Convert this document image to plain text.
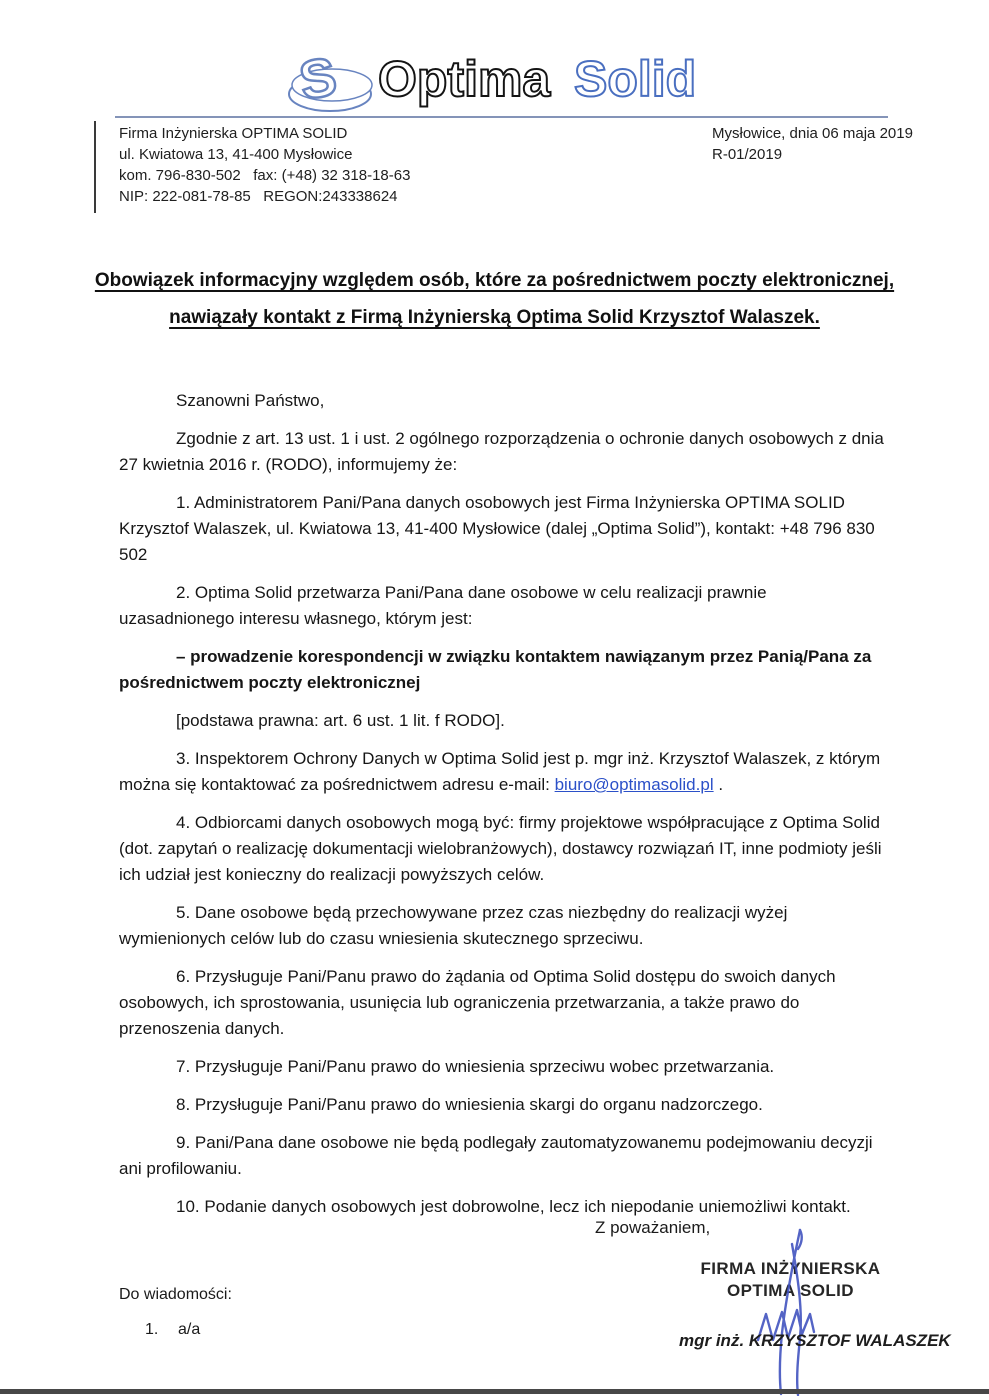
S Optima Solid
Firma Inżynierska OPTIMA SOLID
ul. Kwiatowa 13, 41-400 Mysłowice
kom. 796-830-502   fax: (+48) 32 318-18-63
NIP: 222-081-78-85   REGON:243338624
Mysłowice, dnia 06 maja 2019
R-01/2019
Obowiązek informacyjny względem osób, które za pośrednictwem poczty elektronicznej,
nawiązały kontakt z Firmą Inżynierską Optima Solid Krzysztof Walaszek.

Szanowni Państwo,

Zgodnie z art. 13 ust. 1 i ust. 2 ogólnego rozporządzenia o ochronie danych osobowych z dnia 27 kwietnia 2016 r. (RODO), informujemy że:

1. Administratorem Pani/Pana danych osobowych jest Firma Inżynierska OPTIMA SOLID Krzysztof Walaszek, ul. Kwiatowa 13, 41-400 Mysłowice (dalej „Optima Solid”), kontakt: +48 796 830 502

2. Optima Solid przetwarza Pani/Pana dane osobowe w celu realizacji prawnie uzasadnionego interesu własnego, którym jest:

– prowadzenie korespondencji w związku kontaktem nawiązanym przez Panią/Pana za pośrednictwem poczty elektronicznej

[podstawa prawna: art. 6 ust. 1 lit. f RODO].

3. Inspektorem Ochrony Danych w Optima Solid jest p. mgr inż. Krzysztof Walaszek, z którym można się kontaktować za pośrednictwem adresu e-mail: biuro@optimasolid.pl .

4. Odbiorcami danych osobowych mogą być: firmy projektowe współpracujące z Optima Solid (dot. zapytań o realizację dokumentacji wielobranżowych), dostawcy rozwiązań IT, inne podmioty jeśli ich udział jest konieczny do realizacji powyższych celów.

5. Dane osobowe będą przechowywane przez czas niezbędny do realizacji wyżej wymienionych celów lub do czasu wniesienia skutecznego sprzeciwu.

6. Przysługuje Pani/Panu prawo do żądania od Optima Solid dostępu do swoich danych osobowych, ich sprostowania, usunięcia lub ograniczenia przetwarzania, a także prawo do przenoszenia danych.

7. Przysługuje Pani/Panu prawo do wniesienia sprzeciwu wobec przetwarzania.

8. Przysługuje Pani/Panu prawo do wniesienia skargi do organu nadzorczego.

9. Pani/Pana dane osobowe nie będą podlegały zautomatyzowanemu podejmowaniu decyzji ani profilowaniu.

10. Podanie danych osobowych jest dobrowolne, lecz ich niepodanie uniemożliwi kontakt.

Z poważaniem,
FIRMA INŻYNIERSKA
OPTIMA SOLID
mgr inż. KRZYSZTOF WALASZEK
Do wiadomości:
1. a/a
